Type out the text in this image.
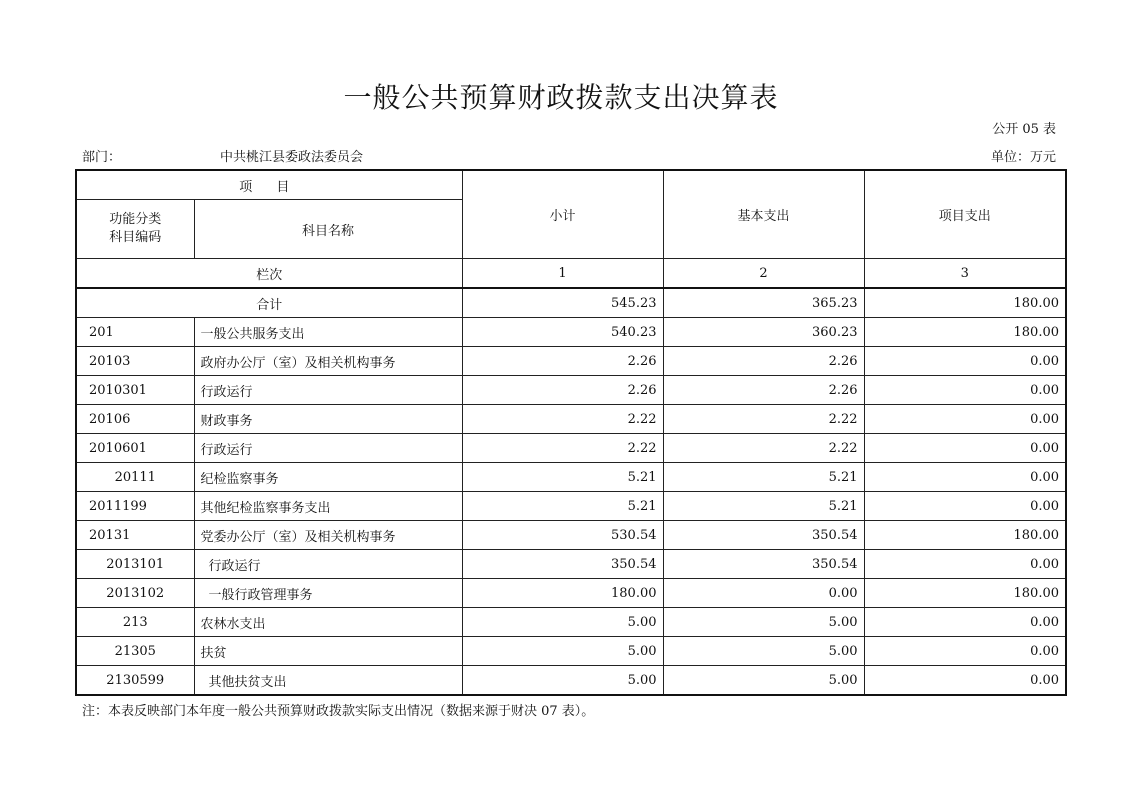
一般公共预算财政拨款支出决算表
公开 05 表
部门：	中共桃江县委政法委员会	单位：万元
项 目		小计	基本支出	项目支出

功能分类
科目编码	科目名称			
栏次		1	2	3
合计		545.23	365.23	180.00
201	一般公共服务支出	540.23	360.23	180.00
20103	政府办公厅（室）及相关机构事务	2.26	2.26	0.00
2010301	行政运行	2.26	2.26	0.00
20106	财政事务	2.22	2.22	0.00
2010601	行政运行	2.22	2.22	0.00
20111	纪检监察事务	5.21	5.21	0.00
2011199	其他纪检监察事务支出	5.21	5.21	0.00
20131	党委办公厅（室）及相关机构事务	530.54	350.54	180.00
2013101	行政运行	350.54	350.54	0.00
2013102	一般行政管理事务	180.00	0.00	180.00
213	农林水支出	5.00	5.00	0.00
21305	扶贫	5.00	5.00	0.00
2130599	其他扶贫支出	5.00	5.00	0.00
注：本表反映部门本年度一般公共预算财政拨款实际支出情况（数据来源于财决 07 表）。
